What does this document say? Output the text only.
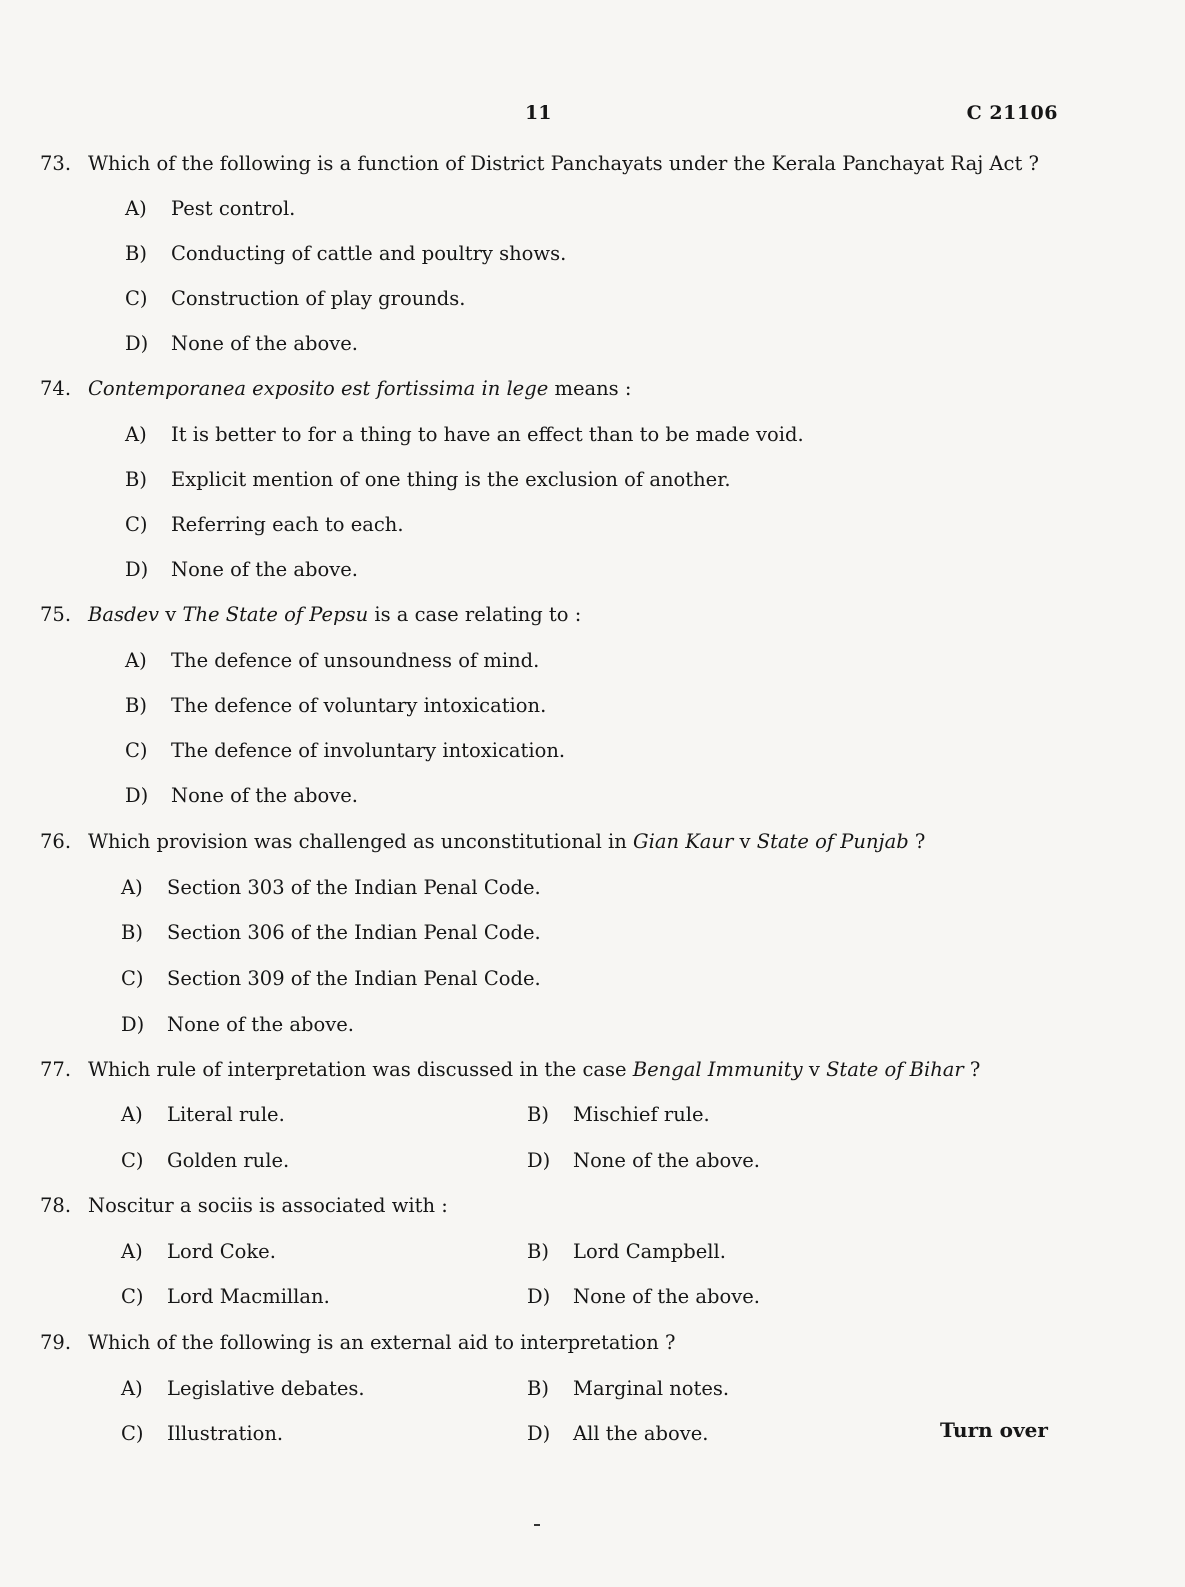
11	C 21106
73. Which of the following is a function of District Panchayats under the Kerala Panchayat Raj Act ?
A) Pest control.
B) Conducting of cattle and poultry shows.
C) Construction of play grounds.
D) None of the above.
74. Contemporanea exposito est fortissima in lege means :
A) It is better to for a thing to have an effect than to be made void.
B) Explicit mention of one thing is the exclusion of another.
C) Referring each to each.
D) None of the above.
75. Basdev v The State of Pepsu is a case relating to :
A) The defence of unsoundness of mind.
B) The defence of voluntary intoxication.
C) The defence of involuntary intoxication.
D) None of the above.
76. Which provision was challenged as unconstitutional in Gian Kaur v State of Punjab ?
A) Section 303 of the Indian Penal Code.
B) Section 306 of the Indian Penal Code.
C) Section 309 of the Indian Penal Code.
D) None of the above.
77. Which rule of interpretation was discussed in the case Bengal Immunity v State of Bihar ?
A) Literal rule.	B) Mischief rule.
C) Golden rule.	D) None of the above.
78. Noscitur a sociis is associated with :
A) Lord Coke.	B) Lord Campbell.
C) Lord Macmillan.	D) None of the above.
79. Which of the following is an external aid to interpretation ?
A) Legislative debates.	B) Marginal notes.
C) Illustration.	D) All the above.	Turn over
